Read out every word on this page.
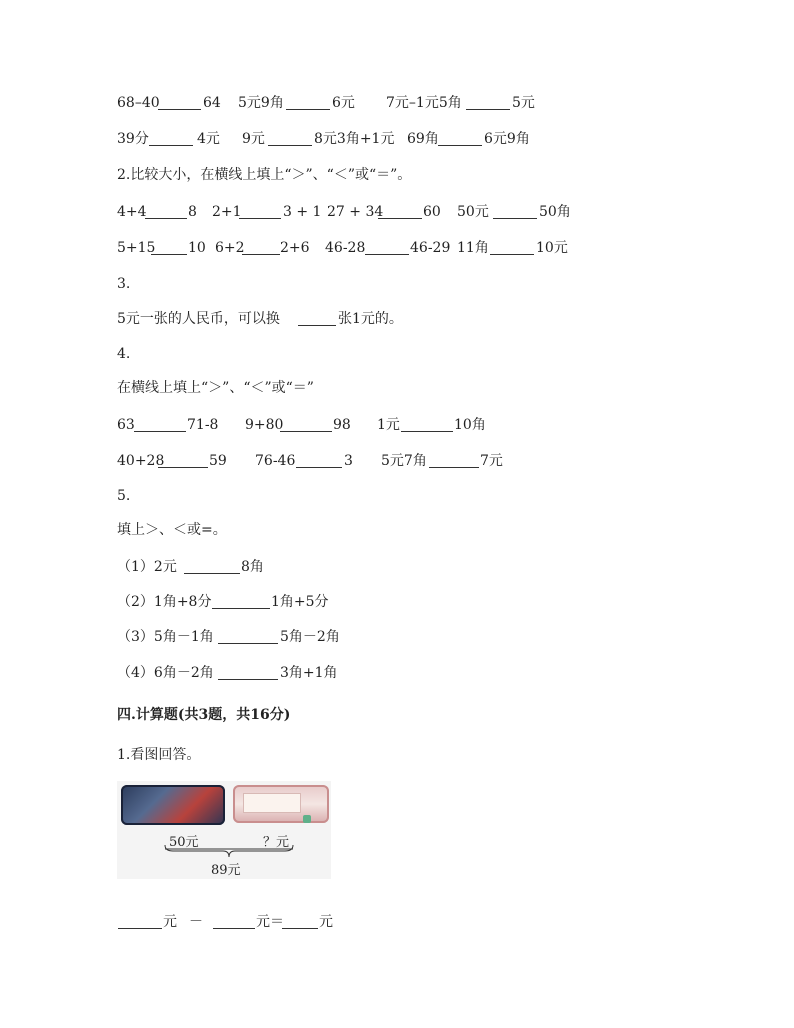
68–40	64 5元9角	6元 7元–1元5角	5元
39分	4元 9元	8元3角+1元 69角	6元9角
2.比较大小，在横线上填上“＞”、“＜”或“＝”。
4+4	8 2+1	3 + 1 27 + 34	60 50元	50角
5+15 10 6+2	2+6 46-28	46-29 11角	10元
3.
5元一张的人民币，可以换	张1元的。
4.
在横线上填上“＞”、“＜”或“＝”
63	71-8 9+80	98 1元	10角
40+28	59 76-46	3 5元7角	7元
5.
填上＞、＜或=。
（1）2元	8角
（2）1角+8分	1角+5分
（3）5角－1角	5角－2角
（4）6角－2角	3角+1角
四.计算题(共3题，共16分)
1.看图回答。
50元	？元
89元
元 －	元＝	元
